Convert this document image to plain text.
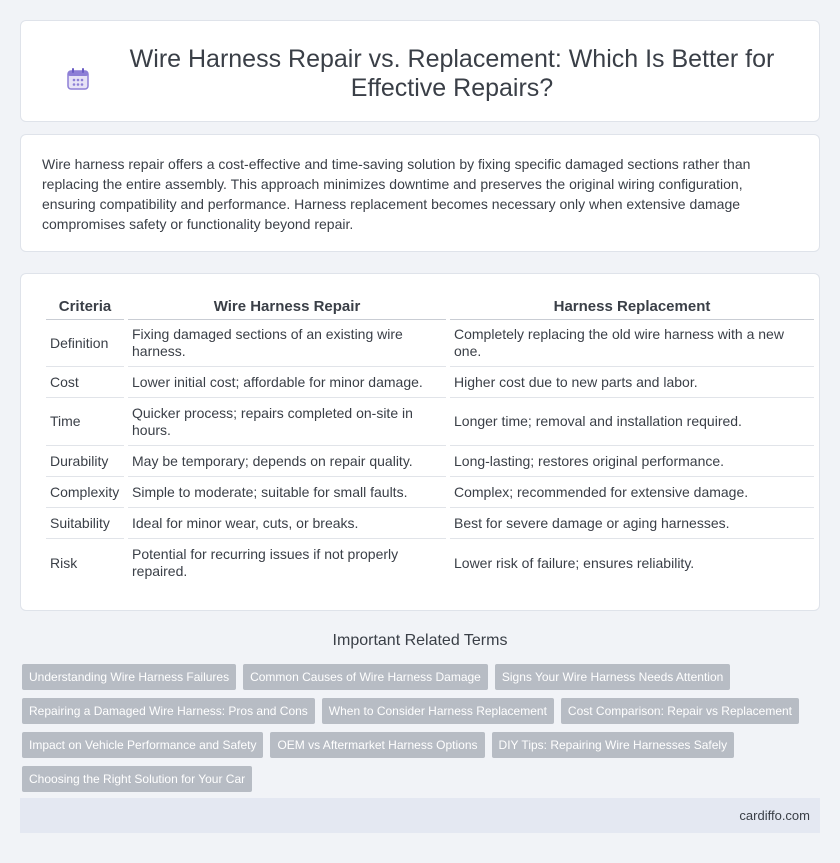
Wire Harness Repair vs. Replacement: Which Is Better for Effective Repairs?

Wire harness repair offers a cost-effective and time-saving solution by fixing specific damaged sections rather than replacing the entire assembly. This approach minimizes downtime and preserves the original wiring configuration, ensuring compatibility and performance. Harness replacement becomes necessary only when extensive damage compromises safety or functionality beyond repair.

Criteria	Wire Harness Repair	Harness Replacement
Definition	Fixing damaged sections of an existing wire harness.	Completely replacing the old wire harness with a new one.
Cost	Lower initial cost; affordable for minor damage.	Higher cost due to new parts and labor.
Time	Quicker process; repairs completed on-site in hours.	Longer time; removal and installation required.
Durability	May be temporary; depends on repair quality.	Long-lasting; restores original performance.
Complexity	Simple to moderate; suitable for small faults.	Complex; recommended for extensive damage.
Suitability	Ideal for minor wear, cuts, or breaks.	Best for severe damage or aging harnesses.
Risk	Potential for recurring issues if not properly repaired.	Lower risk of failure; ensures reliability.
Important Related Terms
Understanding Wire Harness Failures	Common Causes of Wire Harness Damage	Signs Your Wire Harness Needs Attention
Repairing a Damaged Wire Harness: Pros and Cons	When to Consider Harness Replacement	Cost Comparison: Repair vs Replacement
Impact on Vehicle Performance and Safety	OEM vs Aftermarket Harness Options	DIY Tips: Repairing Wire Harnesses Safely
Choosing the Right Solution for Your Car
cardiffo.com
